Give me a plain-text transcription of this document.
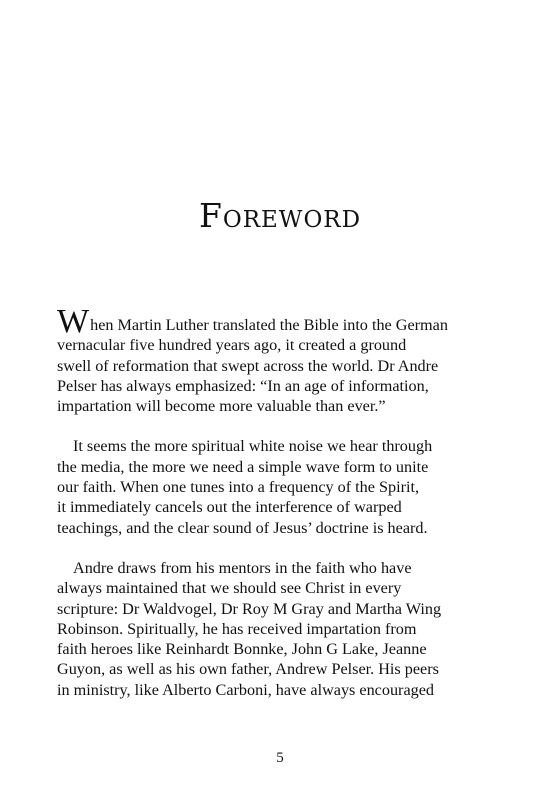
Foreword

When Martin Luther translated the Bible into the German
vernacular five hundred years ago, it created a ground
swell of reformation that swept across the world. Dr Andre
Pelser has always emphasized: “In an age of information,
impartation will become more valuable than ever.”

It seems the more spiritual white noise we hear through
the media, the more we need a simple wave form to unite
our faith. When one tunes into a frequency of the Spirit,
it immediately cancels out the interference of warped
teachings, and the clear sound of Jesus’ doctrine is heard.

Andre draws from his mentors in the faith who have
always maintained that we should see Christ in every
scripture: Dr Waldvogel, Dr Roy M Gray and Martha Wing
Robinson. Spiritually, he has received impartation from
faith heroes like Reinhardt Bonnke, John G Lake, Jeanne
Guyon, as well as his own father, Andrew Pelser. His peers
in ministry, like Alberto Carboni, have always encouraged

5
